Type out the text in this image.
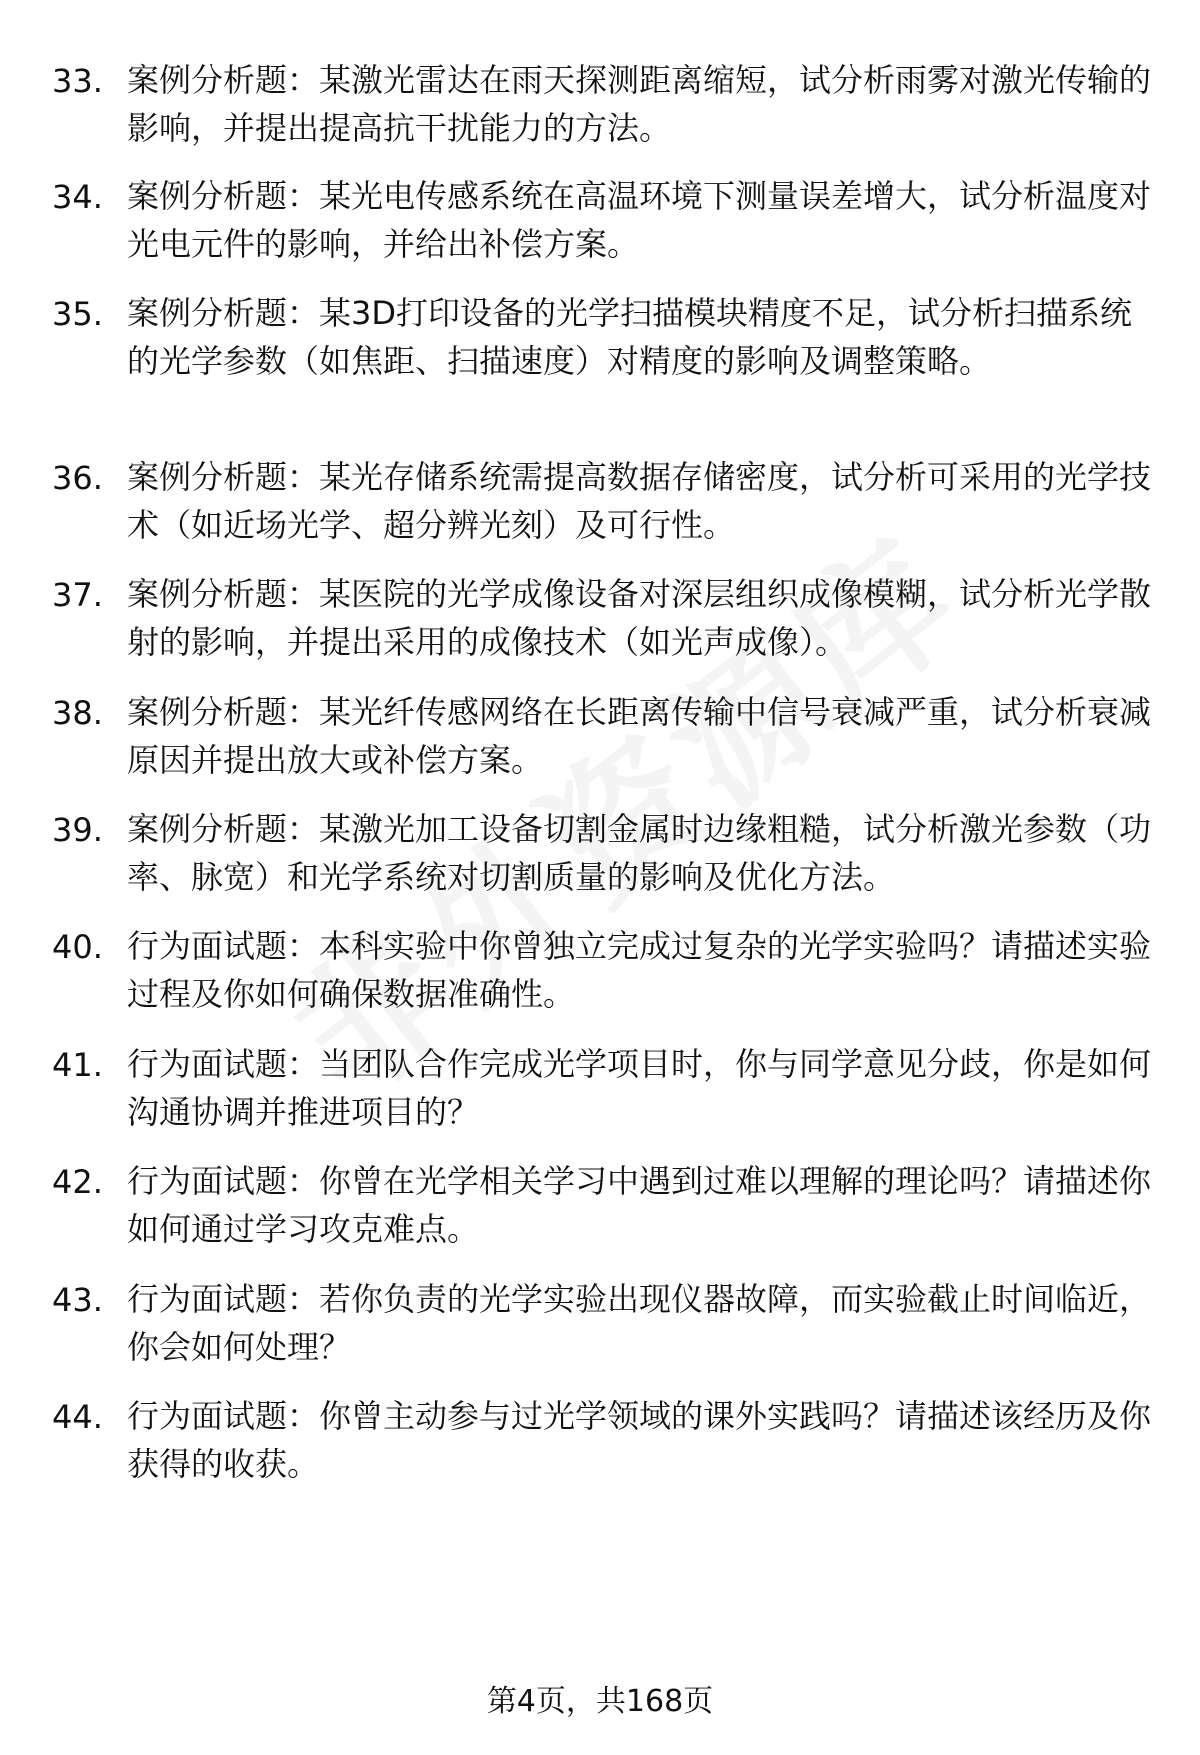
33. 案例分析题：某激光雷达在雨天探测距离缩短，试分析雨雾对激光传输的影响，并提出提高抗干扰能力的方法。
34. 案例分析题：某光电传感系统在高温环境下测量误差增大，试分析温度对光电元件的影响，并给出补偿方案。
35. 案例分析题：某3D打印设备的光学扫描模块精度不足，试分析扫描系统的光学参数（如焦距、扫描速度）对精度的影响及调整策略。
36. 案例分析题：某光存储系统需提高数据存储密度，试分析可采用的光学技术（如近场光学、超分辨光刻）及可行性。
37. 案例分析题：某医院的光学成像设备对深层组织成像模糊，试分析光学散射的影响，并提出采用的成像技术（如光声成像）。
38. 案例分析题：某光纤传感网络在长距离传输中信号衰减严重，试分析衰减原因并提出放大或补偿方案。
39. 案例分析题：某激光加工设备切割金属时边缘粗糙，试分析激光参数（功率、脉宽）和光学系统对切割质量的影响及优化方法。
40. 行为面试题：本科实验中你曾独立完成过复杂的光学实验吗？请描述实验过程及你如何确保数据准确性。
41. 行为面试题：当团队合作完成光学项目时，你与同学意见分歧，你是如何沟通协调并推进项目的？
42. 行为面试题：你曾在光学相关学习中遇到过难以理解的理论吗？请描述你如何通过学习攻克难点。
43. 行为面试题：若你负责的光学实验出现仪器故障，而实验截止时间临近，你会如何处理？
44. 行为面试题：你曾主动参与过光学领域的课外实践吗？请描述该经历及你获得的收获。
第4页，共168页
